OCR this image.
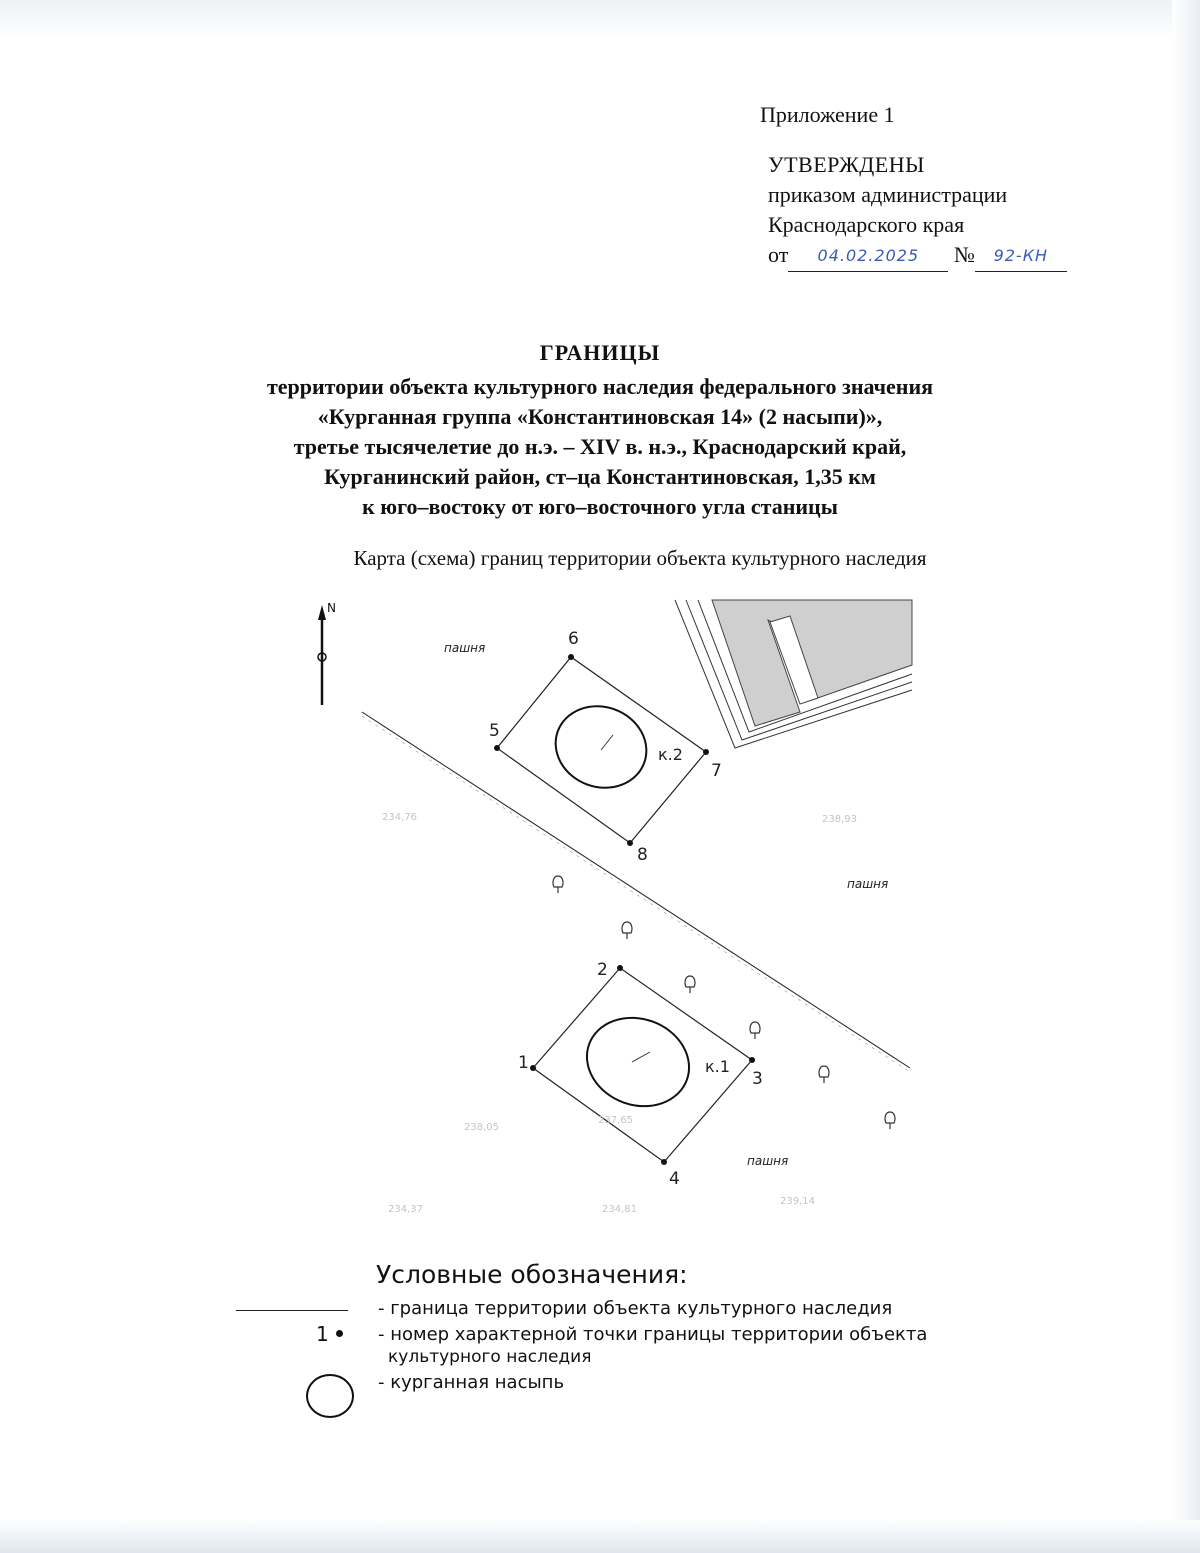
Приложение 1
УТВЕРЖДЕНЫ
приказом администрации
Краснодарского края
от 04.02.2025 № 92-КН
ГРАНИЦЫ
территории объекта культурного наследия федерального значения
«Курганная группа «Константиновская 14» (2 насыпи)»,
третье тысячелетие до н.э. – XIV в. н.э., Краснодарский край,
Курганинский район, ст–ца Константиновская, 1,35 км
к юго–востоку от юго–восточного угла станицы
Карта (схема) границ территории объекта культурного наследия
N
1
2
3
4
5
6
7
8
к.2
к.1
пашня
пашня
пашня
234,76	238,93
238,05
237,65
239,14
234,37	234,81
Условные обозначения:
- граница территории объекта культурного наследия
1	- номер характерной точки границы территории объекта
культурного наследия
- курганная насыпь
